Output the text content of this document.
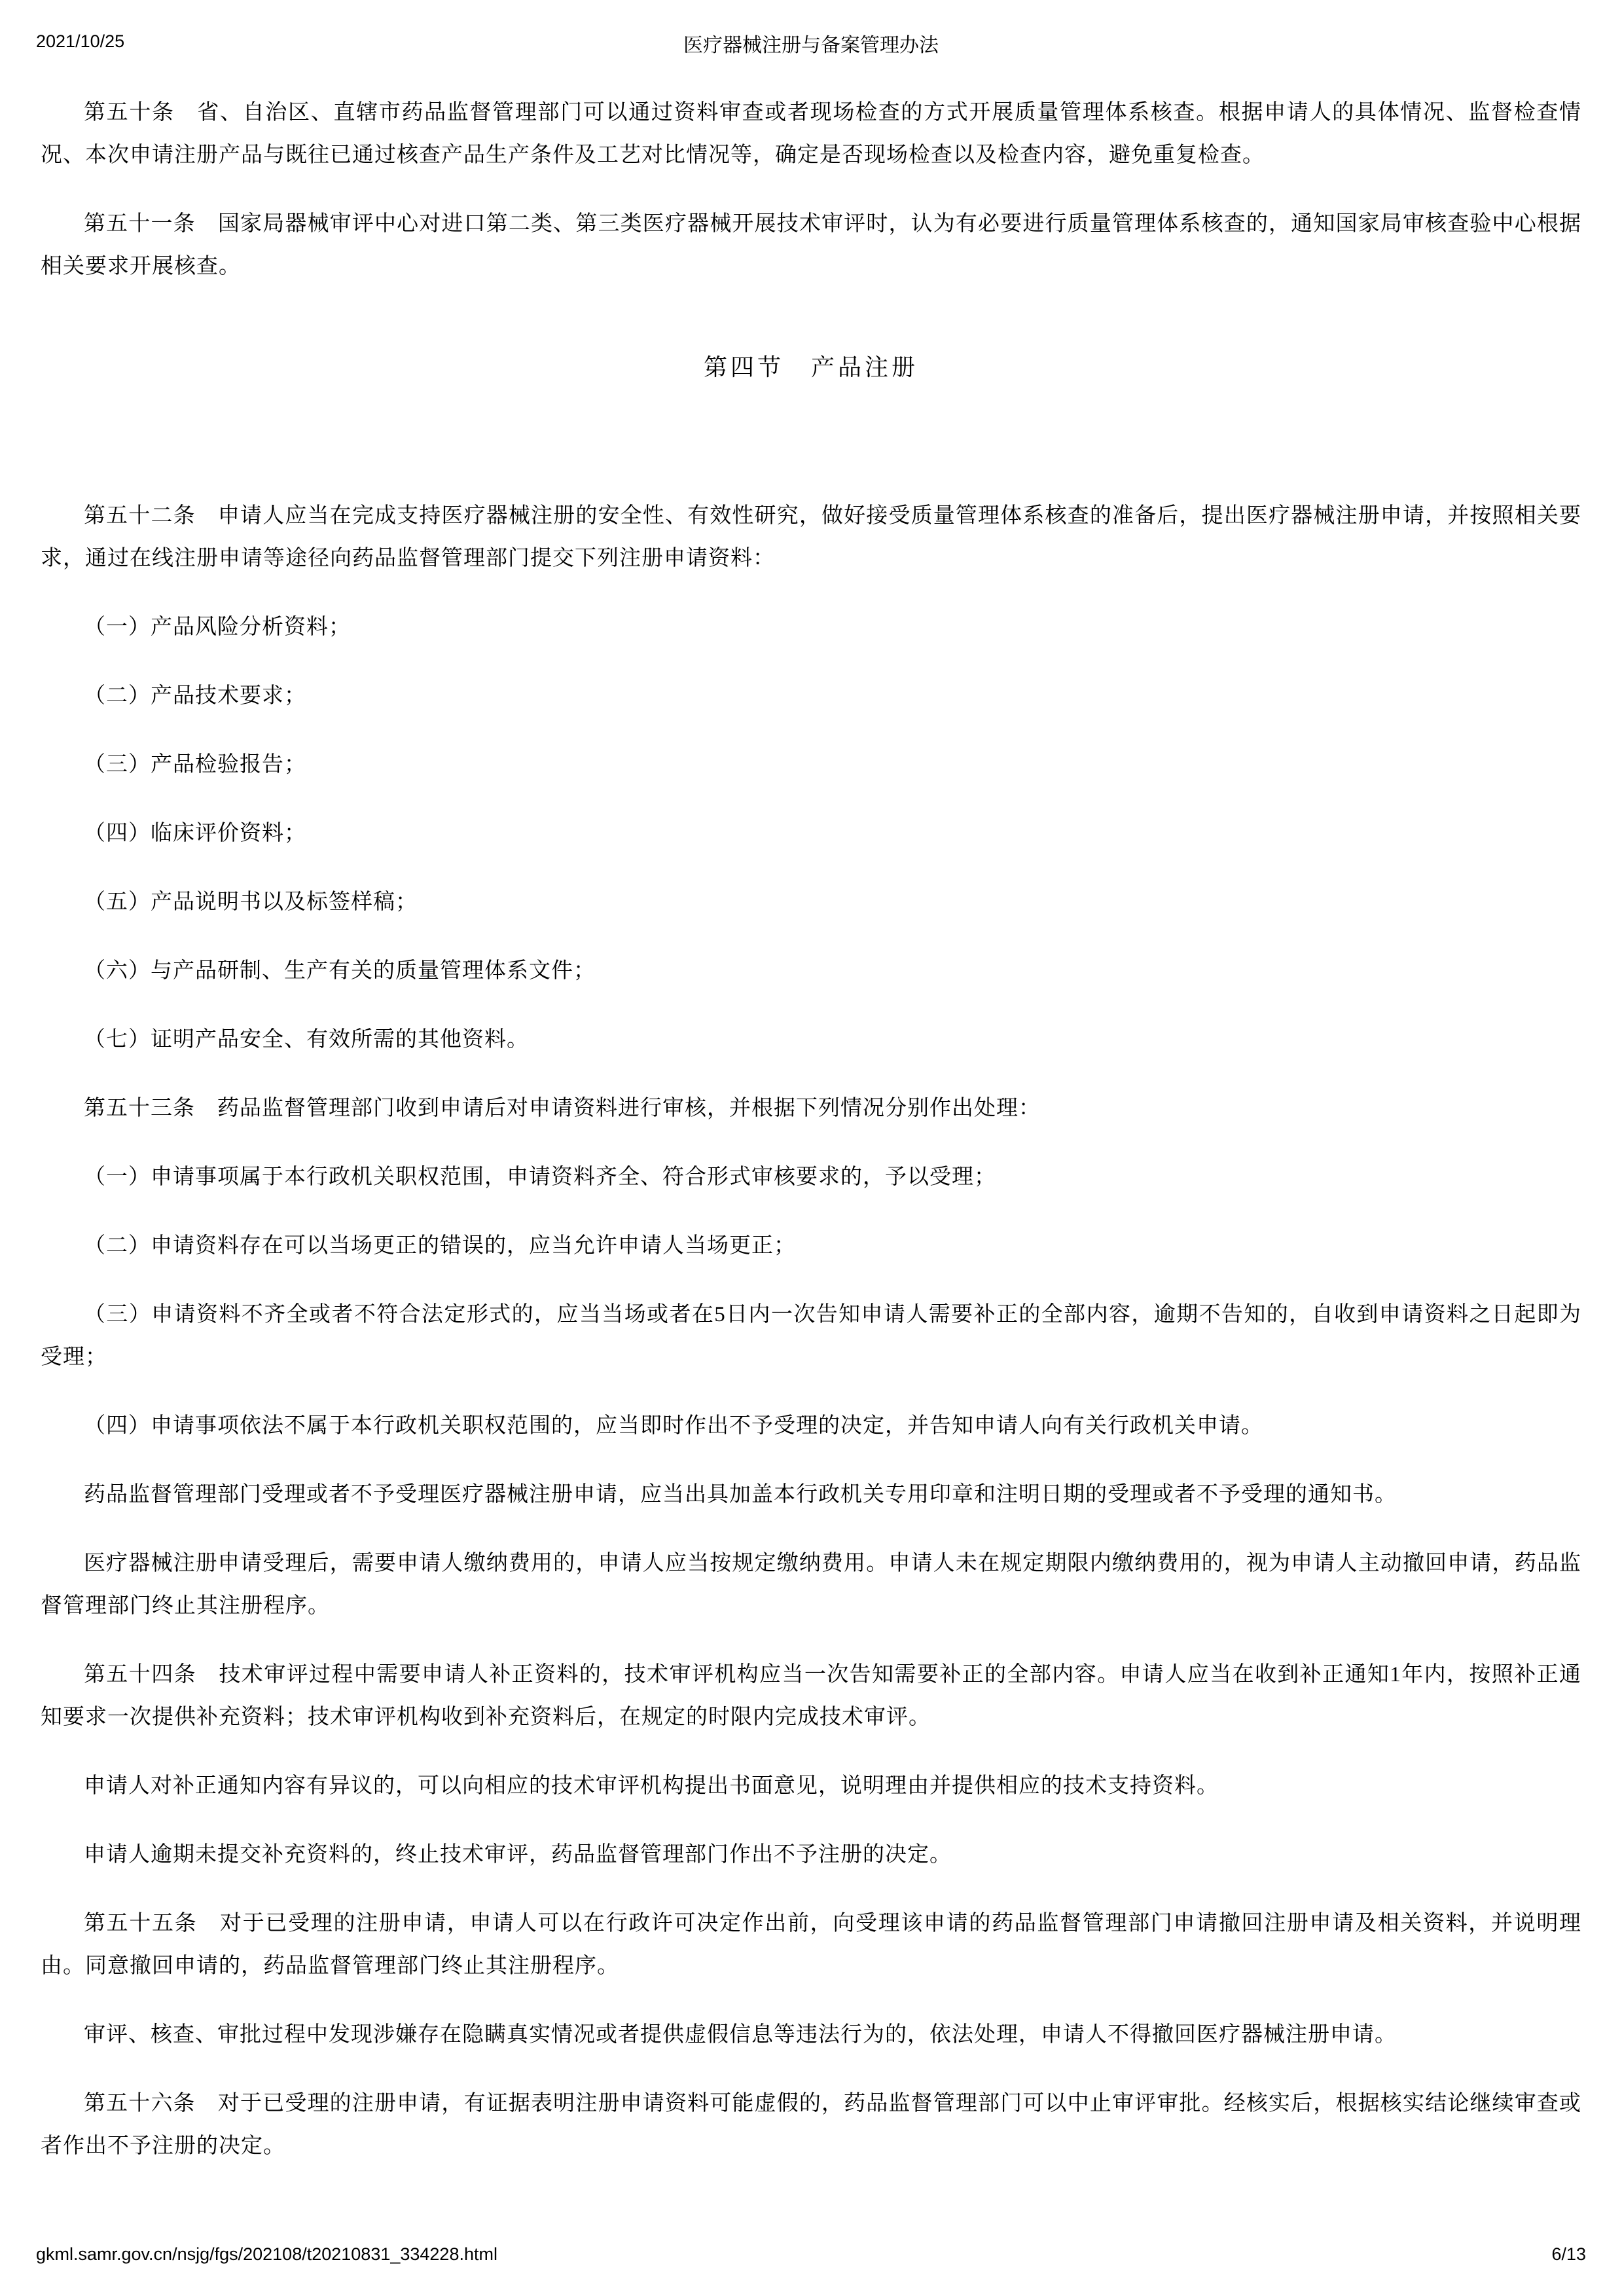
2021/10/25	医疗器械注册与备案管理办法

第五十条　省、自治区、直辖市药品监督管理部门可以通过资料审查或者现场检查的方式开展质量管理体系核查。根据申请人的具体情况、监督检查情况、本次申请注册产品与既往已通过核查产品生产条件及工艺对比情况等，确定是否现场检查以及检查内容，避免重复检查。

第五十一条　国家局器械审评中心对进口第二类、第三类医疗器械开展技术审评时，认为有必要进行质量管理体系核查的，通知国家局审核查验中心根据相关要求开展核查。

第四节　产品注册

第五十二条　申请人应当在完成支持医疗器械注册的安全性、有效性研究，做好接受质量管理体系核查的准备后，提出医疗器械注册申请，并按照相关要求，通过在线注册申请等途径向药品监督管理部门提交下列注册申请资料：

（一）产品风险分析资料；

（二）产品技术要求；

（三）产品检验报告；

（四）临床评价资料；

（五）产品说明书以及标签样稿；

（六）与产品研制、生产有关的质量管理体系文件；

（七）证明产品安全、有效所需的其他资料。

第五十三条　药品监督管理部门收到申请后对申请资料进行审核，并根据下列情况分别作出处理：

（一）申请事项属于本行政机关职权范围，申请资料齐全、符合形式审核要求的，予以受理；

（二）申请资料存在可以当场更正的错误的，应当允许申请人当场更正；

（三）申请资料不齐全或者不符合法定形式的，应当当场或者在5日内一次告知申请人需要补正的全部内容，逾期不告知的，自收到申请资料之日起即为受理；

（四）申请事项依法不属于本行政机关职权范围的，应当即时作出不予受理的决定，并告知申请人向有关行政机关申请。

药品监督管理部门受理或者不予受理医疗器械注册申请，应当出具加盖本行政机关专用印章和注明日期的受理或者不予受理的通知书。

医疗器械注册申请受理后，需要申请人缴纳费用的，申请人应当按规定缴纳费用。申请人未在规定期限内缴纳费用的，视为申请人主动撤回申请，药品监督管理部门终止其注册程序。

第五十四条　技术审评过程中需要申请人补正资料的，技术审评机构应当一次告知需要补正的全部内容。申请人应当在收到补正通知1年内，按照补正通知要求一次提供补充资料；技术审评机构收到补充资料后，在规定的时限内完成技术审评。

申请人对补正通知内容有异议的，可以向相应的技术审评机构提出书面意见，说明理由并提供相应的技术支持资料。

申请人逾期未提交补充资料的，终止技术审评，药品监督管理部门作出不予注册的决定。

第五十五条　对于已受理的注册申请，申请人可以在行政许可决定作出前，向受理该申请的药品监督管理部门申请撤回注册申请及相关资料，并说明理由。同意撤回申请的，药品监督管理部门终止其注册程序。

审评、核查、审批过程中发现涉嫌存在隐瞒真实情况或者提供虚假信息等违法行为的，依法处理，申请人不得撤回医疗器械注册申请。

第五十六条　对于已受理的注册申请，有证据表明注册申请资料可能虚假的，药品监督管理部门可以中止审评审批。经核实后，根据核实结论继续审查或者作出不予注册的决定。

gkml.samr.gov.cn/nsjg/fgs/202108/t20210831_334228.html	6/13
